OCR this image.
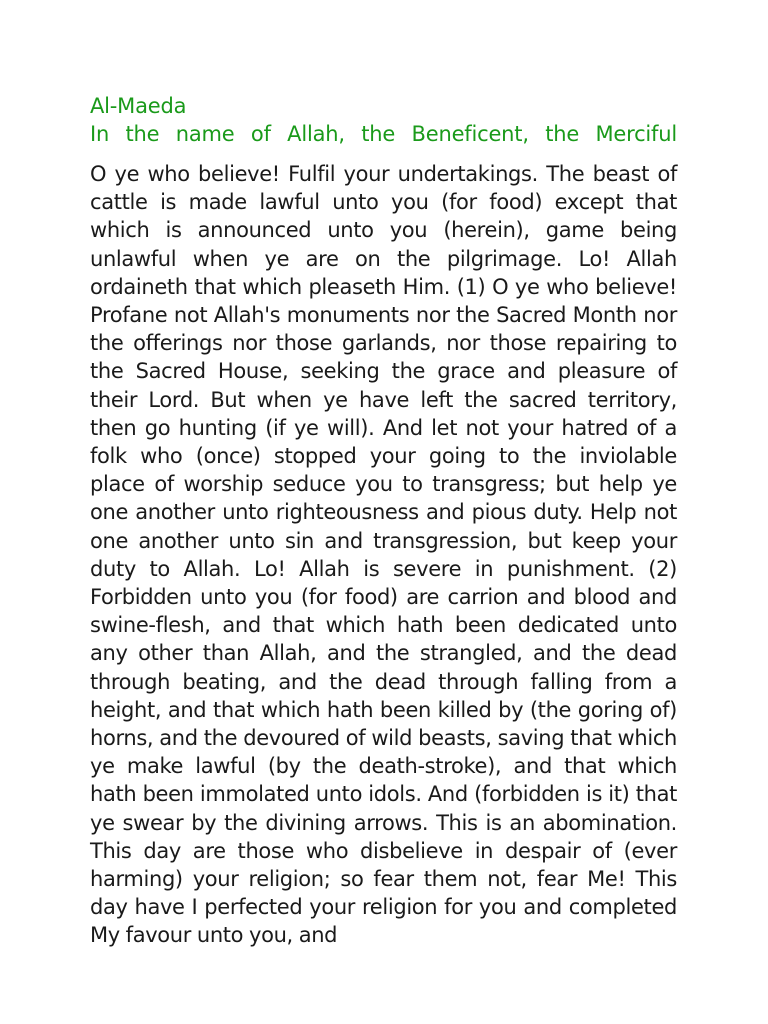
Al-Maeda

In the name of Allah, the Beneficent, the Merciful

O ye who believe! Fulfil your undertakings. The beast of cattle is made lawful unto you (for food) except that which is announced unto you (herein), game being unlawful when ye are on the pilgrimage. Lo! Allah ordaineth that which pleaseth Him. (1) O ye who believe! Profane not Allah's monuments nor the Sacred Month nor the offerings nor those garlands, nor those repairing to the Sacred House, seeking the grace and pleasure of their Lord. But when ye have left the sacred territory, then go hunting (if ye will). And let not your hatred of a folk who (once) stopped your going to the inviolable place of worship seduce you to transgress; but help ye one another unto righteousness and pious duty. Help not one another unto sin and transgression, but keep your duty to Allah. Lo! Allah is severe in punishment. (2) Forbidden unto you (for food) are carrion and blood and swine-flesh, and that which hath been dedicated unto any other than Allah, and the strangled, and the dead through beating, and the dead through falling from a height, and that which hath been killed by (the goring of) horns, and the devoured of wild beasts, saving that which ye make lawful (by the death-stroke), and that which hath been immolated unto idols. And (forbidden is it) that ye swear by the divining arrows. This is an abomination. This day are those who disbelieve in despair of (ever harming) your religion; so fear them not, fear Me! This day have I perfected your religion for you and completed My favour unto you, and
